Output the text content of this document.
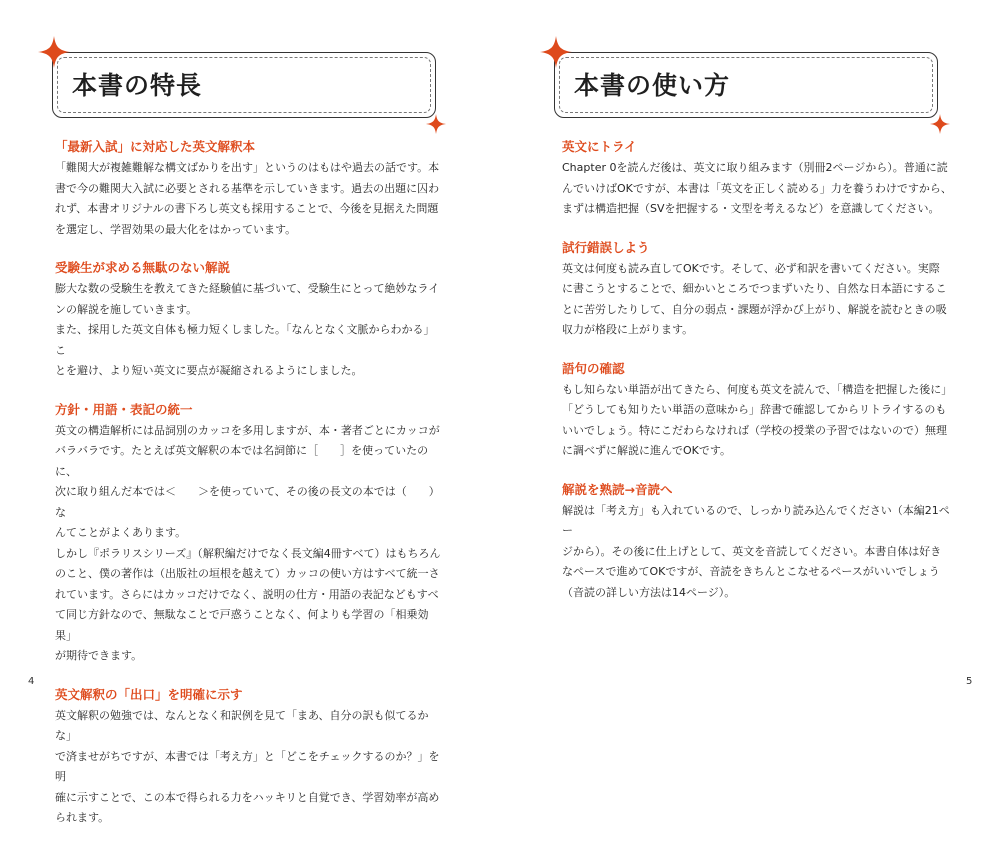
本書の特長
「最新入試」に対応した英文解釈本

「難関大が複雑難解な構文ばかりを出す」というのはもはや過去の話です。本

書で今の難関大入試に必要とされる基準を示していきます。過去の出題に囚わ

れず、本書オリジナルの書下ろし英文も採用することで、今後を見据えた問題

を選定し、学習効果の最大化をはかっています。

受験生が求める無駄のない解説

膨大な数の受験生を教えてきた経験値に基づいて、受験生にとって絶妙なライ

ンの解説を施していきます。

また、採用した英文自体も極力短くしました。「なんとなく文脈からわかる」こ

とを避け、より短い英文に要点が凝縮されるようにしました。

方針・用語・表記の統一

英文の構造解析には品詞別のカッコを多用しますが、本・著者ごとにカッコが

バラバラです。たとえば英文解釈の本では名詞節に［　　］を使っていたのに、

次に取り組んだ本では＜　　＞を使っていて、その後の長文の本では（　　）な

んてことがよくあります。

しかし『ポラリスシリーズ』（解釈編だけでなく長文編4冊すべて）はもちろん

のこと、僕の著作は（出版社の垣根を越えて）カッコの使い方はすべて統一さ

れています。さらにはカッコだけでなく、説明の仕方・用語の表記などもすべ

て同じ方針なので、無駄なことで戸惑うことなく、何よりも学習の「相乗効果」

が期待できます。

英文解釈の「出口」を明確に示す

英文解釈の勉強では、なんとなく和訳例を見て「まあ、自分の訳も似てるかな」

で済ませがちですが、本書では「考え方」と「どこをチェックするのか？」を明

確に示すことで、この本で得られる力をハッキリと自覚でき、学習効率が高め

られます。

4
本書の使い方
英文にトライ

Chapter 0を読んだ後は、英文に取り組みます（別冊2ページから）。普通に読

んでいけばOKですが、本書は「英文を正しく読める」力を養うわけですから、

まずは構造把握（SVを把握する・文型を考えるなど）を意識してください。

試行錯誤しよう

英文は何度も読み直してOKです。そして、必ず和訳を書いてください。実際

に書こうとすることで、細かいところでつまずいたり、自然な日本語にするこ

とに苦労したりして、自分の弱点・課題が浮かび上がり、解説を読むときの吸

収力が格段に上がります。

語句の確認

もし知らない単語が出てきたら、何度も英文を読んで、「構造を把握した後に」

「どうしても知りたい単語の意味から」辞書で確認してからリトライするのも

いいでしょう。特にこだわらなければ（学校の授業の予習ではないので）無理

に調べずに解説に進んでOKです。

解説を熟読→音読へ

解説は「考え方」も入れているので、しっかり読み込んでください（本編21ペー

ジから）。その後に仕上げとして、英文を音読してください。本書自体は好き

なペースで進めてOKですが、音読をきちんとこなせるペースがいいでしょう

（音読の詳しい方法は14ページ）。

5
